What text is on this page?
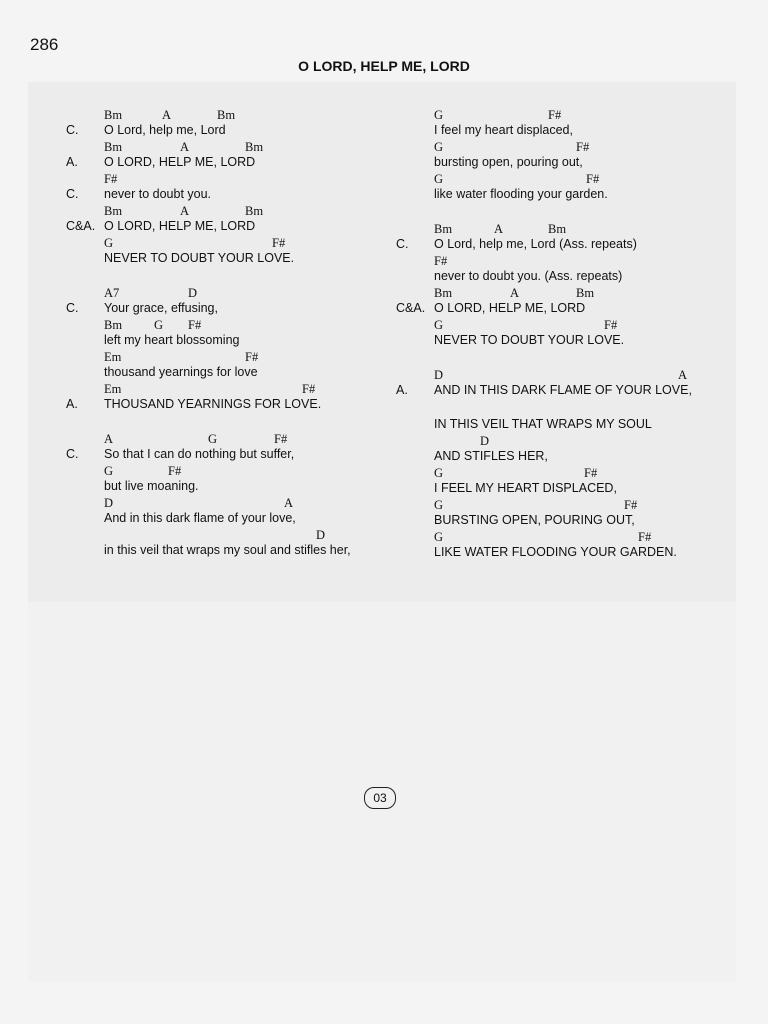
286
O LORD, HELP ME, LORD
Bm	A	Bm
C.	O Lord, help me, Lord
Bm	A	Bm
A.	O LORD, HELP ME, LORD
F#
C.	never to doubt you.
Bm	A	Bm
C&A. O LORD, HELP ME, LORD
G	F#
NEVER TO DOUBT YOUR LOVE.
A7	D
C.	Your grace, effusing,
Bm	G F#
left my heart blossoming
Em	F#
thousand yearnings for love
Em	F#
A.	THOUSAND YEARNINGS FOR LOVE.
A	G	F#
C.	So that I can do nothing but suffer,
G	F#
but live moaning.
D	A
And in this dark flame of your love,
D
in this veil that wraps my soul and stifles her,
G	F#
I feel my heart displaced,
G	F#
bursting open, pouring out,
G	F#
like water flooding your garden.
Bm	A	Bm
C.	O Lord, help me, Lord (Ass. repeats)
F#
never to doubt you. (Ass. repeats)
Bm	A	Bm
C&A. O LORD, HELP ME, LORD
G	F#
NEVER TO DOUBT YOUR LOVE.
D	A
A.	AND IN THIS DARK FLAME OF YOUR LOVE,
IN THIS VEIL THAT WRAPS MY SOUL
D
AND STIFLES HER,
G	F#
I FEEL MY HEART DISPLACED,
G	F#
BURSTING OPEN, POURING OUT,
G	F#
LIKE WATER FLOODING YOUR GARDEN.
03
